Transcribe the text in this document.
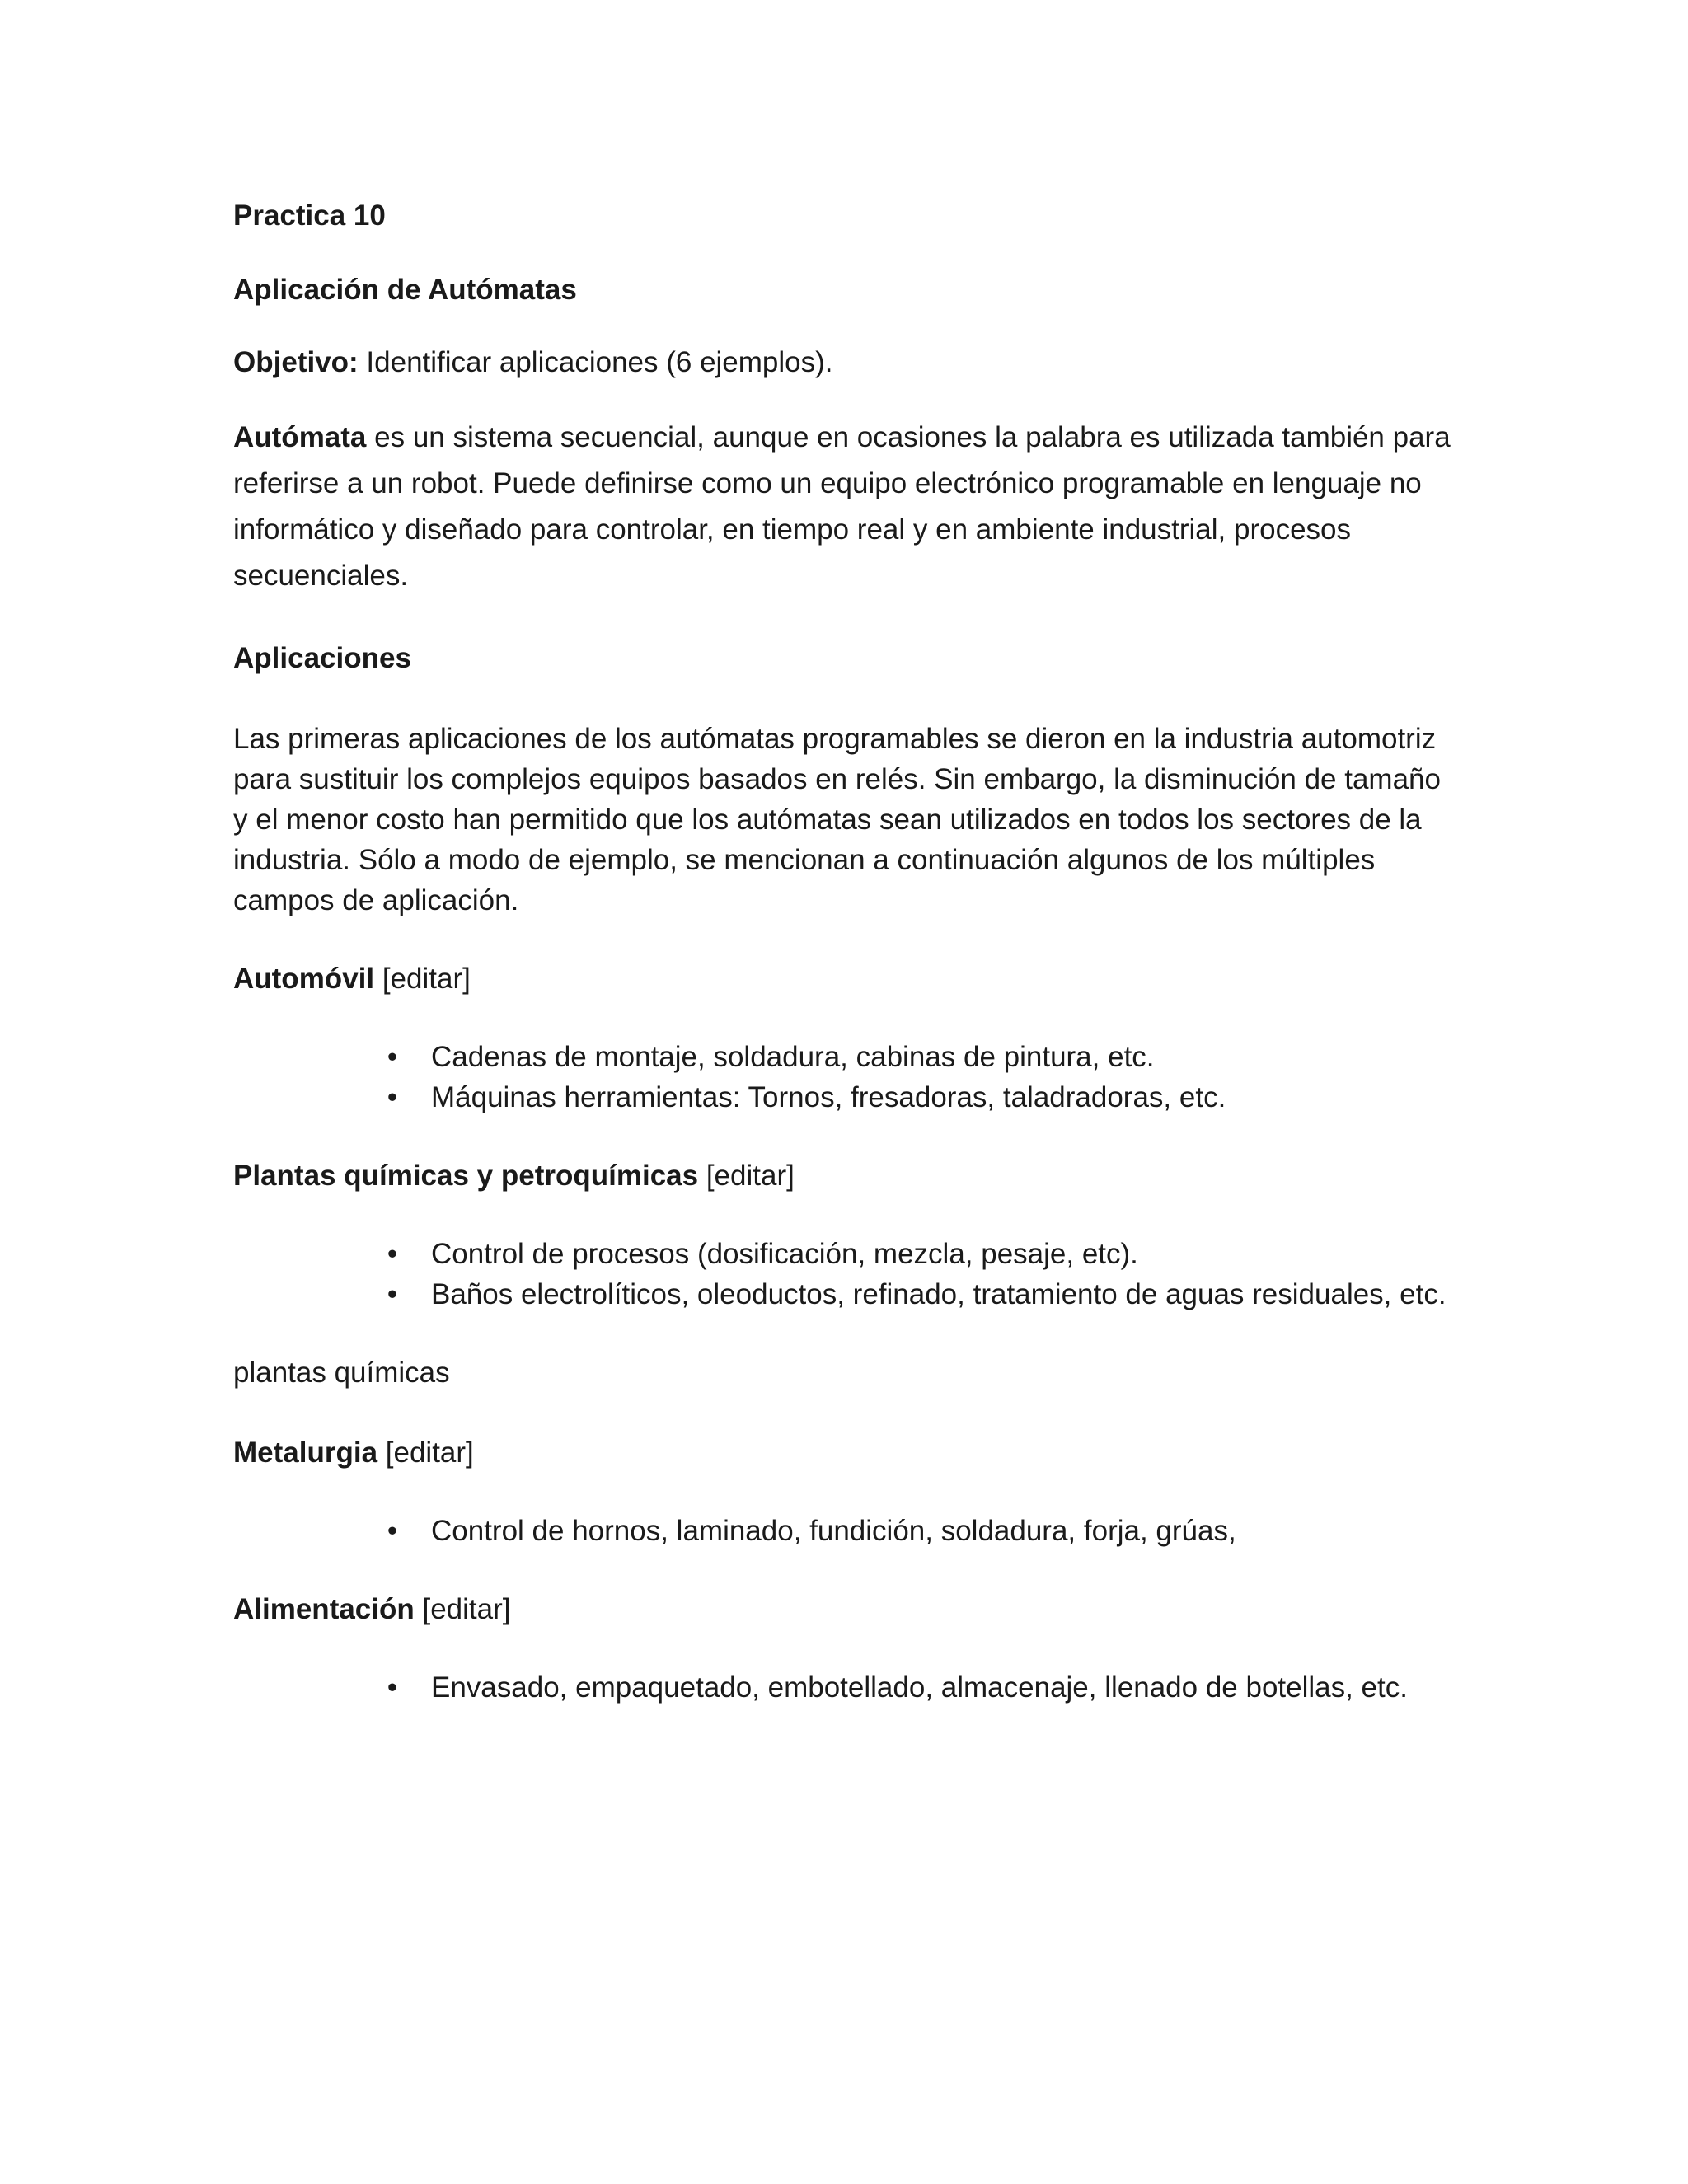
Practica 10

Aplicación de Autómatas

Objetivo: Identificar aplicaciones (6 ejemplos).

Autómata es un sistema secuencial, aunque en ocasiones la palabra es utilizada también para referirse a un robot. Puede definirse como un equipo electrónico programable en lenguaje no informático y diseñado para controlar, en tiempo real y en ambiente industrial, procesos secuenciales.

Aplicaciones

Las primeras aplicaciones de los autómatas programables se dieron en la industria automotriz para sustituir los complejos equipos basados en relés. Sin embargo, la disminución de tamaño y el menor costo han permitido que los autómatas sean utilizados en todos los sectores de la industria. Sólo a modo de ejemplo, se mencionan a continuación algunos de los múltiples campos de aplicación.

Automóvil [editar]

• Cadenas de montaje, soldadura, cabinas de pintura, etc.
• Máquinas herramientas: Tornos, fresadoras, taladradoras, etc.

Plantas químicas y petroquímicas [editar]

• Control de procesos (dosificación, mezcla, pesaje, etc).
• Baños electrolíticos, oleoductos, refinado, tratamiento de aguas residuales, etc.

plantas químicas

Metalurgia [editar]

• Control de hornos, laminado, fundición, soldadura, forja, grúas,

Alimentación [editar]

• Envasado, empaquetado, embotellado, almacenaje, llenado de botellas, etc.
